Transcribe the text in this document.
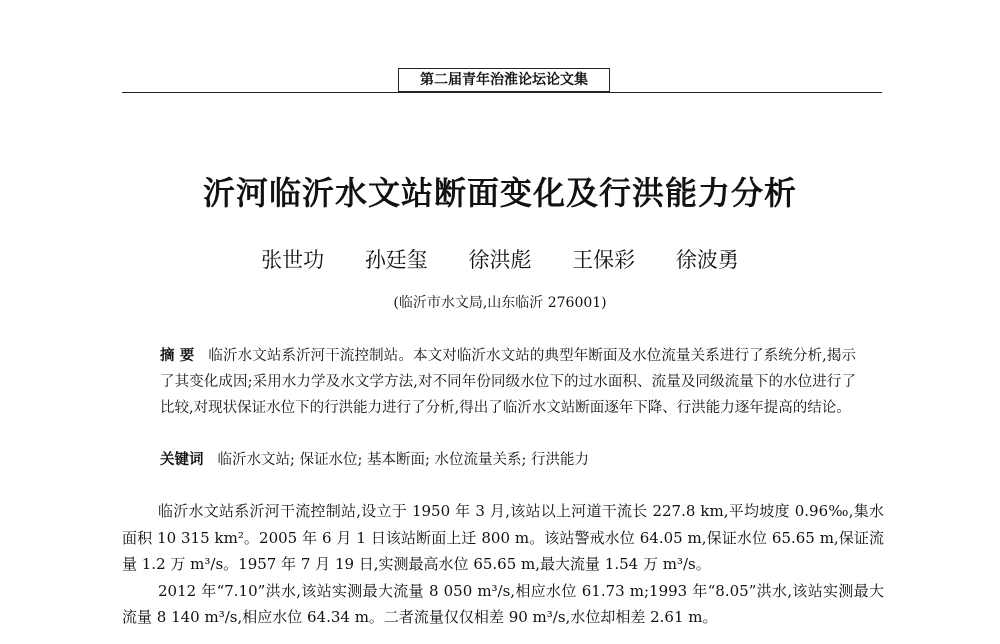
第二届青年治淮论坛论文集
沂河临沂水文站断面变化及行洪能力分析
张世功 孙廷玺 徐洪彪 王保彩 徐波勇
(临沂市水文局,山东临沂 276001)
摘 要 临沂水文站系沂河干流控制站。本文对临沂水文站的典型年断面及水位流量关系进行了系统分析,揭示了其变化成因;采用水力学及水文学方法,对不同年份同级水位下的过水面积、流量及同级流量下的水位进行了比较,对现状保证水位下的行洪能力进行了分析,得出了临沂水文站断面逐年下降、行洪能力逐年提高的结论。
关键词 临沂水文站; 保证水位; 基本断面; 水位流量关系; 行洪能力

临沂水文站系沂河干流控制站,设立于 1950 年 3 月,该站以上河道干流长 227.8 km,平均坡度 0.96‰,集水面积 10 315 km²。2005 年 6 月 1 日该站断面上迁 800 m。该站警戒水位 64.05 m,保证水位 65.65 m,保证流量 1.2 万 m³/s。1957 年 7 月 19 日,实测最高水位 65.65 m,最大流量 1.54 万 m³/s。

2012 年“7.10”洪水,该站实测最大流量 8 050 m³/s,相应水位 61.73 m;1993 年“8.05”洪水,该站实测最大流量 8 140 m³/s,相应水位 64.34 m。二者流量仅仅相差 90 m³/s,水位却相差 2.61 m。
